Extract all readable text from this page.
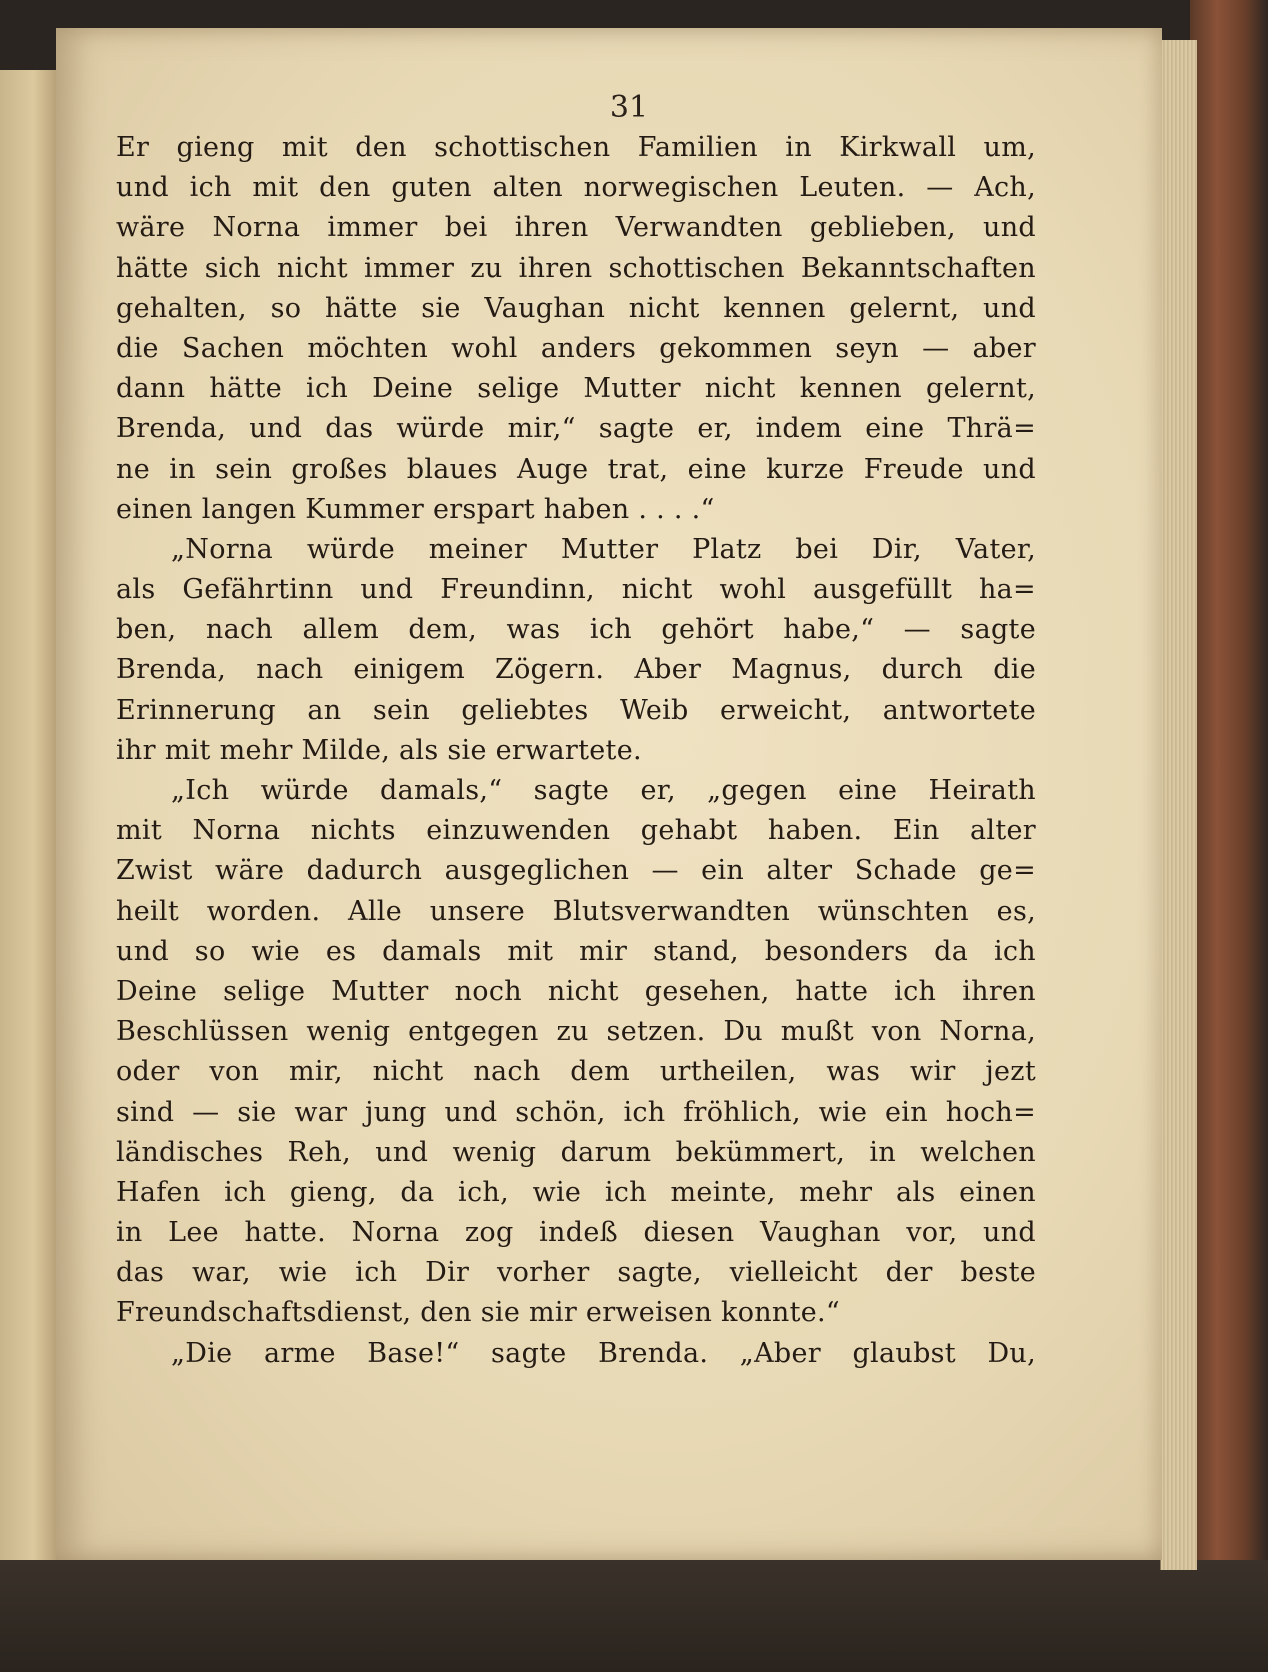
31
Er gieng mit den schottischen Familien in Kirkwall um,
und ich mit den guten alten norwegischen Leuten. — Ach,
wäre Norna immer bei ihren Verwandten geblieben, und
hätte sich nicht immer zu ihren schottischen Bekanntschaften
gehalten, so hätte sie Vaughan nicht kennen gelernt, und
die Sachen möchten wohl anders gekommen seyn — aber
dann hätte ich Deine selige Mutter nicht kennen gelernt,
Brenda, und das würde mir,“ sagte er, indem eine Thrä=
ne in sein großes blaues Auge trat, eine kurze Freude und
einen langen Kummer erspart haben . . . .“
„Norna würde meiner Mutter Platz bei Dir, Vater,
als Gefährtinn und Freundinn, nicht wohl ausgefüllt ha=
ben, nach allem dem, was ich gehört habe,“ — sagte
Brenda, nach einigem Zögern. Aber Magnus, durch die
Erinnerung an sein geliebtes Weib erweicht, antwortete
ihr mit mehr Milde, als sie erwartete.
„Ich würde damals,“ sagte er, „gegen eine Heirath
mit Norna nichts einzuwenden gehabt haben. Ein alter
Zwist wäre dadurch ausgeglichen — ein alter Schade ge=
heilt worden. Alle unsere Blutsverwandten wünschten es,
und so wie es damals mit mir stand, besonders da ich
Deine selige Mutter noch nicht gesehen, hatte ich ihren
Beschlüssen wenig entgegen zu setzen. Du mußt von Norna,
oder von mir, nicht nach dem urtheilen, was wir jezt
sind — sie war jung und schön, ich fröhlich, wie ein hoch=
ländisches Reh, und wenig darum bekümmert, in welchen
Hafen ich gieng, da ich, wie ich meinte, mehr als einen
in Lee hatte. Norna zog indeß diesen Vaughan vor, und
das war, wie ich Dir vorher sagte, vielleicht der beste
Freundschaftsdienst, den sie mir erweisen konnte.“
„Die arme Base!“ sagte Brenda. „Aber glaubst Du,
